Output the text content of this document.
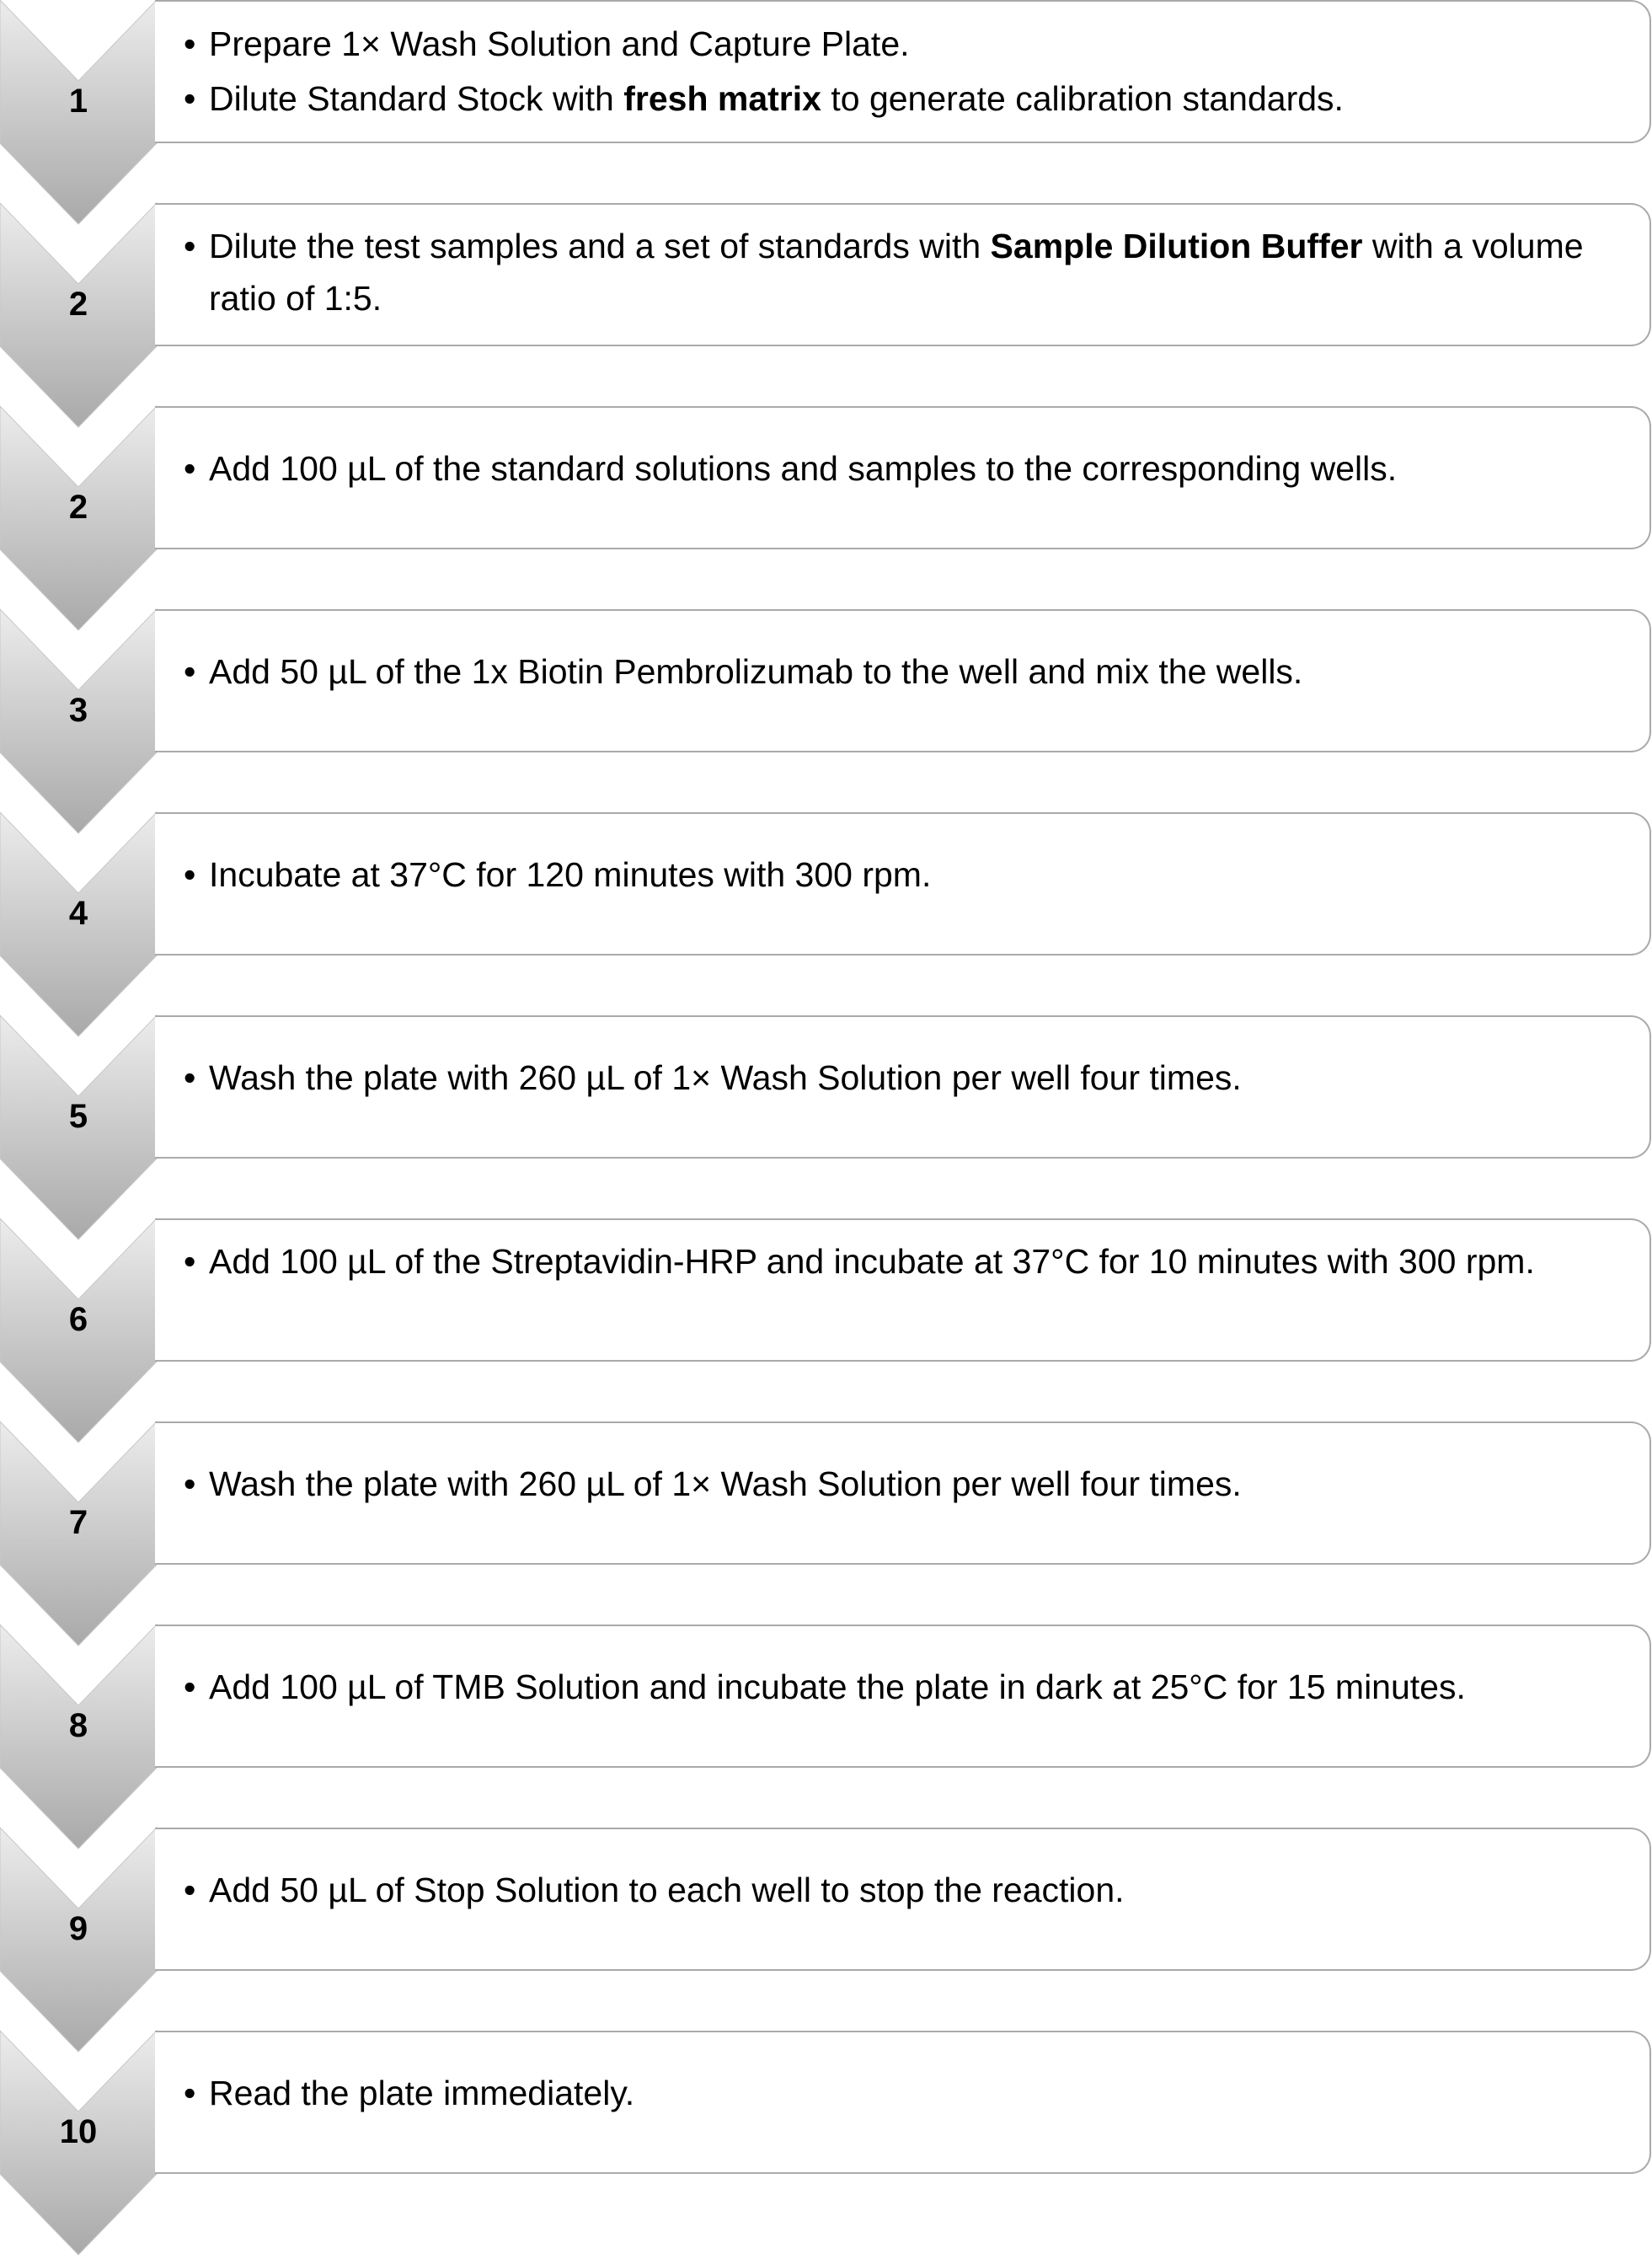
1
• Prepare 1× Wash Solution and Capture Plate.
• Dilute Standard Stock with fresh matrix to generate calibration standards.
2
• Dilute the test samples and a set of standards with Sample Dilution Buffer with a volume ratio of 1:5.
2
• Add 100 µL of the standard solutions and samples to the corresponding wells.
3
• Add 50 µL of the 1x Biotin Pembrolizumab to the well and mix the wells.
4
• Incubate at 37°C for 120 minutes with 300 rpm.
5
• Wash the plate with 260 µL of 1× Wash Solution per well four times.
6
• Add 100 µL of the Streptavidin-HRP and incubate at 37°C for 10 minutes with 300 rpm.
7
• Wash the plate with 260 µL of 1× Wash Solution per well four times.
8
• Add 100 µL of TMB Solution and incubate the plate in dark at 25°C for 15 minutes.
9
• Add 50 µL of Stop Solution to each well to stop the reaction.
10
• Read the plate immediately.
